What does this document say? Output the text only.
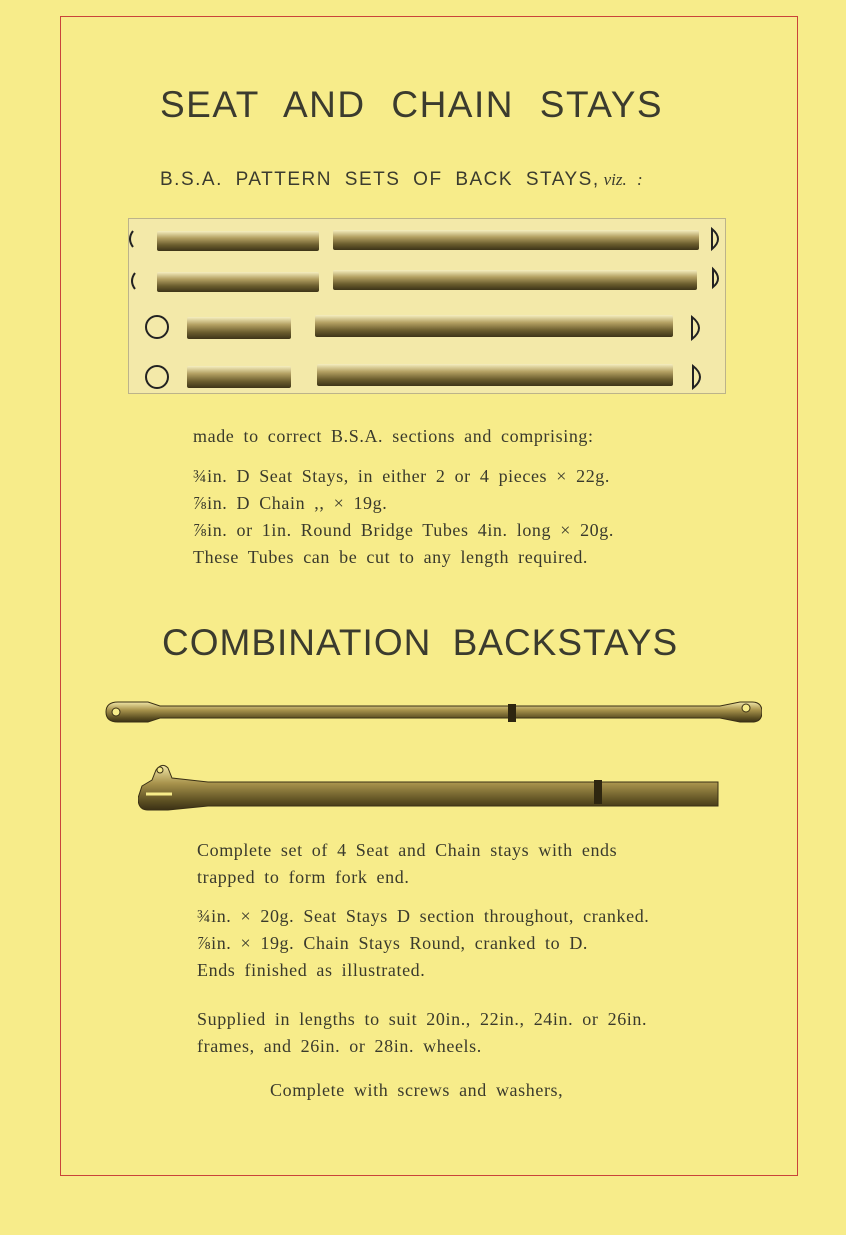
SEAT AND CHAIN STAYS
B.S.A. PATTERN SETS OF BACK STAYS, viz. :

made to correct B.S.A. sections and comprising:

¾in. D Seat Stays, in either 2 or 4 pieces × 22g.

⅞in. D Chain ,, × 19g.

⅞in. or 1in. Round Bridge Tubes 4in. long × 20g.

These Tubes can be cut to any length required.

COMBINATION BACKSTAYS

Complete set of 4 Seat and Chain stays with ends

trapped to form fork end.

¾in. × 20g. Seat Stays D section throughout, cranked.

⅞in. × 19g. Chain Stays Round, cranked to D.

Ends finished as illustrated.

Supplied in lengths to suit 20in., 22in., 24in. or 26in.

frames, and 26in. or 28in. wheels.

Complete with screws and washers,
